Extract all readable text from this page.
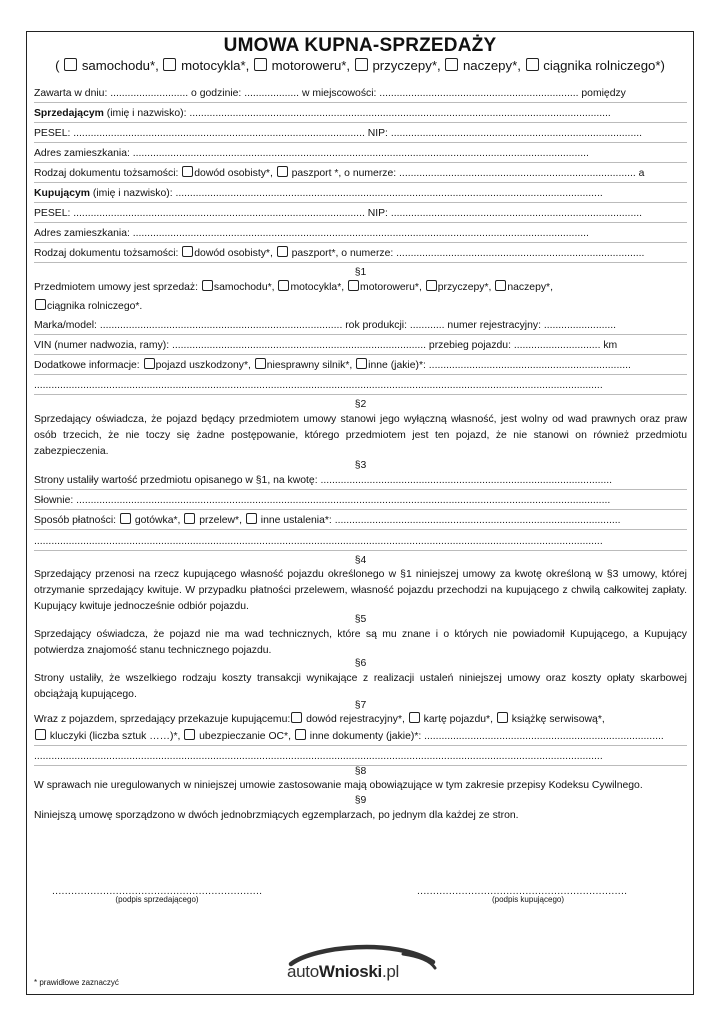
UMOWA KUPNA-SPRZEDAŻY
( samochodu*, motocykla*, motoroweru*, przyczepy*, naczepy*, ciągnika rolniczego*)
Zawarta w dniu: ........................... o godzinie: ................... w miejscowości: ..................................................................... pomiędzy
Sprzedającym (imię i nazwisko): ..................................................................................................................................................
PESEL: ..................................................................................................... NIP: .......................................................................................
Adres zamieszkania: ..............................................................................................................................................................
Rodzaj dokumentu tożsamości: dowód osobisty*,  paszport *, o numerze: .................................................................................. a
Kupującym (imię i nazwisko): ....................................................................................................................................................
PESEL: ..................................................................................................... NIP: .......................................................................................
Adres zamieszkania: ..............................................................................................................................................................
Rodzaj dokumentu tożsamości: dowód osobisty*,  paszport*, o numerze: ......................................................................................
§1
Przedmiotem umowy jest sprzedaż: samochodu*, motocykla*, motoroweru*, przyczepy*, naczepy*,
ciągnika rolniczego*.
Marka/model: .................................................................................... rok produkcji: ............ numer rejestracyjny: .........................
VIN (numer nadwozia, ramy): ........................................................................................ przebieg pojazdu: .............................. km
Dodatkowe informacje: pojazd uszkodzony*, niesprawny silnik*, inne (jakie)*: ......................................................................
.....................................................................................................................................................................................................
§2
Sprzedający oświadcza, że pojazd będący przedmiotem umowy stanowi jego wyłączną własność, jest wolny od wad prawnych oraz praw osób trzecich, że nie toczy się żadne postępowanie, którego przedmiotem jest ten pojazd, że nie stanowi on również przedmiotu zabezpieczenia.
§3
Strony ustaliły wartość przedmiotu opisanego w §1, na kwotę: .....................................................................................................
Słownie: .........................................................................................................................................................................................
Sposób płatności:  gotówka*, przelew*, inne ustalenia*: ...................................................................................................
.....................................................................................................................................................................................................
§4
Sprzedający przenosi na rzecz kupującego własność pojazdu określonego w §1 niniejszej umowy za kwotę określoną w §3 umowy, której otrzymanie sprzedający kwituje. W przypadku płatności przelewem, własność pojazdu przechodzi na kupującego z chwilą całkowitej zapłaty. Kupujący kwituje jednocześnie odbiór pojazdu.
§5
Sprzedający oświadcza, że pojazd nie ma wad technicznych, które są mu znane i o których nie powiadomił Kupującego, a Kupujący potwierdza znajomość stanu technicznego pojazdu.
§6
Strony ustaliły, że wszelkiego rodzaju koszty transakcji wynikające z realizacji ustaleń niniejszej umowy oraz koszty opłaty skarbowej obciążają kupującego.
§7
Wraz z pojazdem, sprzedający przekazuje kupującemu: dowód rejestracyjny*, kartę pojazdu*, książkę serwisową*,
kluczyki (liczba sztuk ……)*, ubezpieczanie OC*, inne dokumenty (jakie)*: ...................................................................................
.....................................................................................................................................................................................................
§8
W sprawach nie uregulowanych w niniejszej umowie zastosowanie mają obowiązujące w tym zakresie przepisy Kodeksu Cywilnego.
§9
Niniejszą umowę sporządzono w dwóch jednobrzmiących egzemplarzach, po jednym dla każdej ze stron.
..................................................................
(podpis sprzedającego)
..................................................................
(podpis kupującego)
autoWnioski.pl
* prawidłowe zaznaczyć
